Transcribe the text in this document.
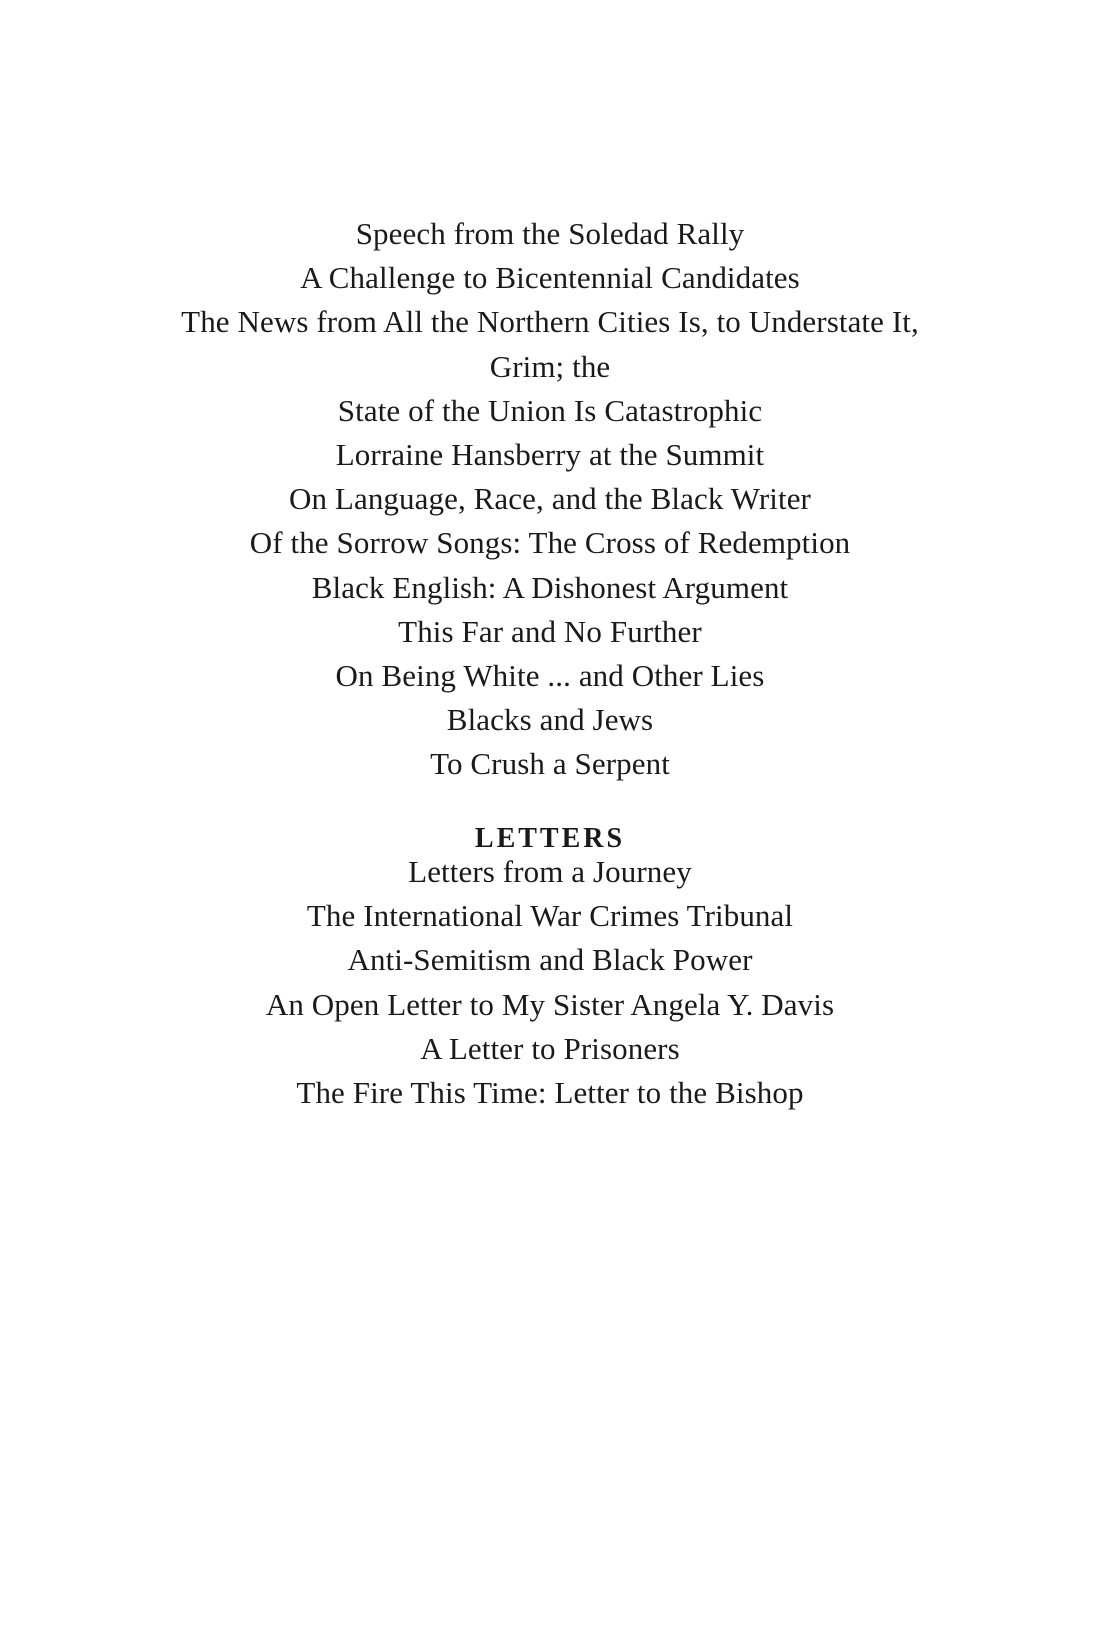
Speech from the Soledad Rally
A Challenge to Bicentennial Candidates
The News from All the Northern Cities Is, to Understate It,
Grim; the
State of the Union Is Catastrophic
Lorraine Hansberry at the Summit
On Language, Race, and the Black Writer
Of the Sorrow Songs: The Cross of Redemption
Black English: A Dishonest Argument
This Far and No Further
On Being White ... and Other Lies
Blacks and Jews
To Crush a Serpent
LETTERS
Letters from a Journey
The International War Crimes Tribunal
Anti-Semitism and Black Power
An Open Letter to My Sister Angela Y. Davis
A Letter to Prisoners
The Fire This Time: Letter to the Bishop
